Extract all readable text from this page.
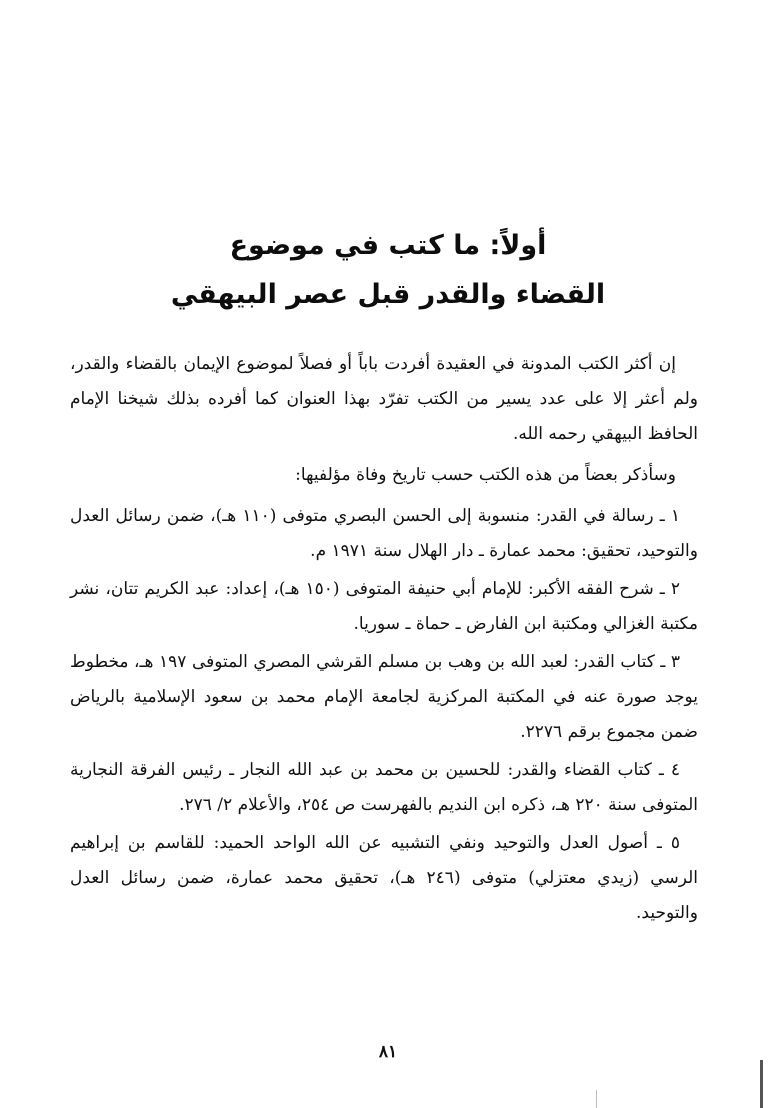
أولاً: ما كتب في موضوع
القضاء والقدر قبل عصر البيهقي

إن أكثر الكتب المدونة في العقيدة أفردت باباً أو فصلاً لموضوع الإيمان بالقضاء والقدر، ولم أعثر إلا على عدد يسير من الكتب تفرّد بهذا العنوان كما أفرده بذلك شيخنا الإمام الحافظ البيهقي رحمه الله.

وسأذكر بعضاً من هذه الكتب حسب تاريخ وفاة مؤلفيها:

١ ـ رسالة في القدر: منسوبة إلى الحسن البصري متوفى (١١٠ هـ)، ضمن رسائل العدل والتوحيد، تحقيق: محمد عمارة ـ دار الهلال سنة ١٩٧١ م.

٢ ـ شرح الفقه الأكبر: للإمام أبي حنيفة المتوفى (١٥٠ هـ)، إعداد: عبد الكريم تتان، نشر مكتبة الغزالي ومكتبة ابن الفارض ـ حماة ـ سوريا.

٣ ـ كتاب القدر: لعبد الله بن وهب بن مسلم القرشي المصري المتوفى ١٩٧ هـ، مخطوط يوجد صورة عنه في المكتبة المركزية لجامعة الإمام محمد بن سعود الإسلامية بالرياض ضمن مجموع برقم ٢٢٧٦.

٤ ـ كتاب القضاء والقدر: للحسين بن محمد بن عبد الله النجار ـ رئيس الفرقة النجارية المتوفى سنة ٢٢٠ هـ، ذكره ابن النديم بالفهرست ص ٢٥٤، والأعلام ٢/ ٢٧٦.

٥ ـ أصول العدل والتوحيد ونفي التشبيه عن الله الواحد الحميد: للقاسم بن إبراهيم الرسي (زيدي معتزلي) متوفى (٢٤٦ هـ)، تحقيق محمد عمارة، ضمن رسائل العدل والتوحيد.

٨١
